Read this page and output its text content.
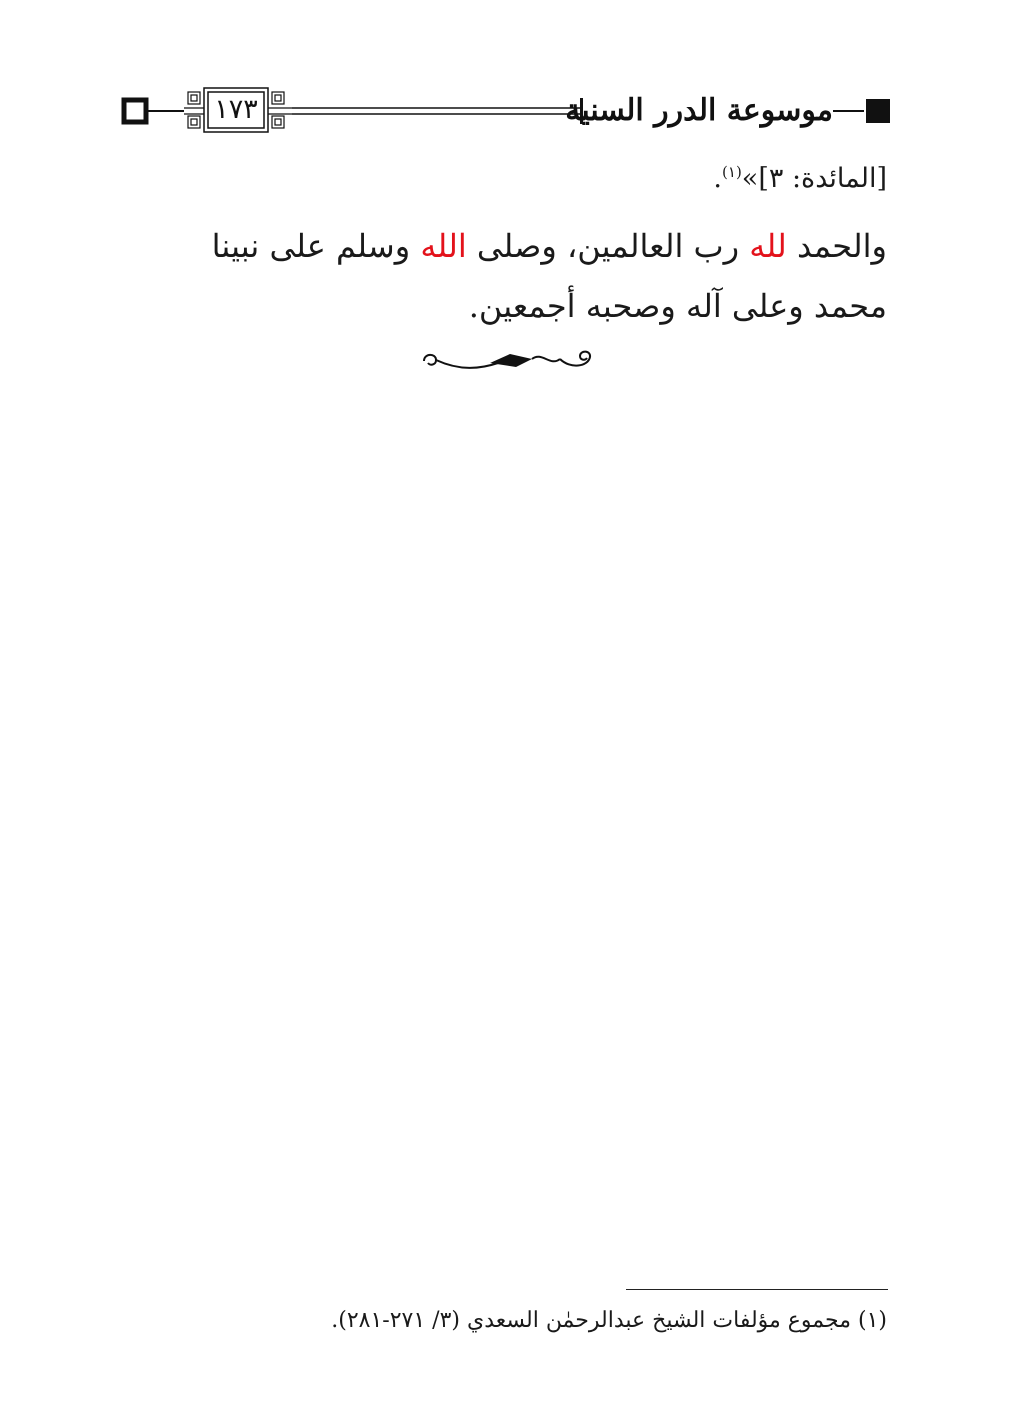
١٧٣	موسوعة الدرر السنية
[المائدة: ٣]»$^{(١)}$.

والحمد لله رب العالمين، وصلى الله وسلم على نبينا

محمد وعلى آله وصحبه أجمعين.

(١) مجموع مؤلفات الشيخ عبدالرحمٰن السعدي (٣/ ٢٧١-٢٨١).
